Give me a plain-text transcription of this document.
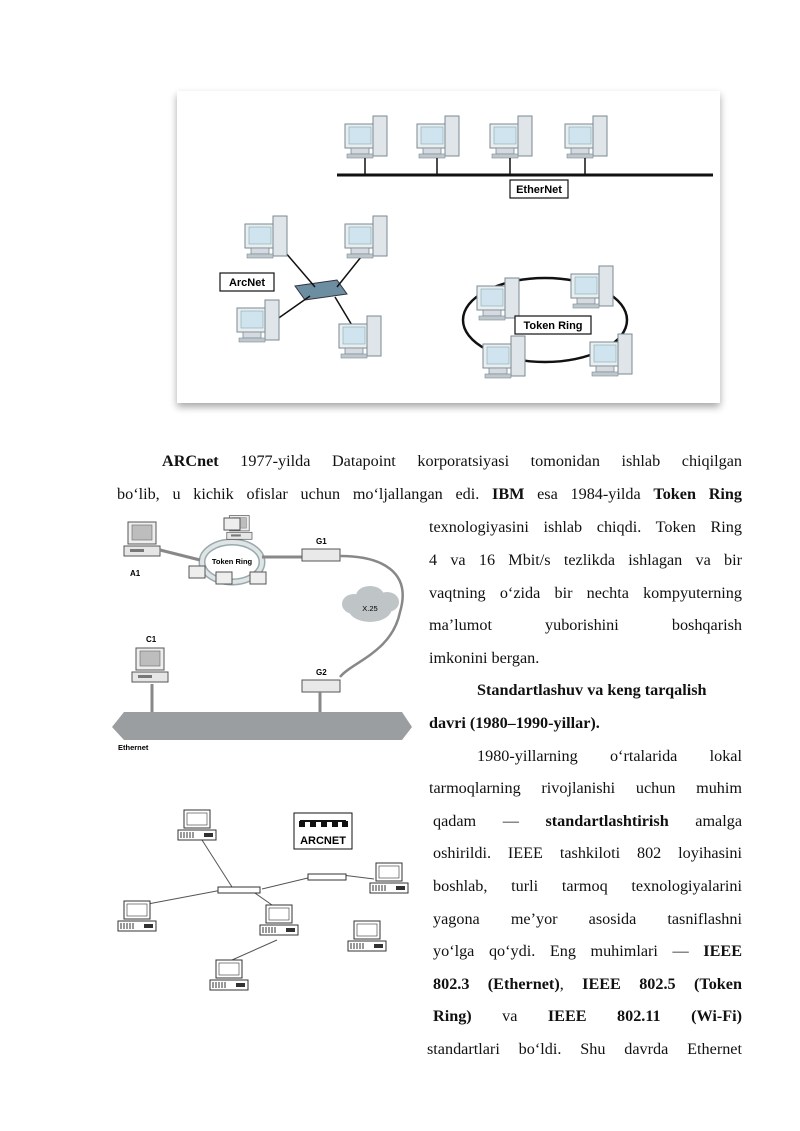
EtherNet
ArcNet
Token Ring
Token Ring
A1
G1
X.25
G2
C1
Ethernet
ARCNET
ARCnet 1977-yilda Datapoint korporatsiyasi tomonidan ishlab chiqilgan
bo‘lib, u kichik ofislar uchun mo‘ljallangan edi. IBM esa 1984-yilda Token Ring
texnologiyasini ishlab chiqdi. Token Ring
4 va 16 Mbit/s tezlikda ishlagan va bir
vaqtning o‘zida bir nechta kompyuterning
ma’lumot yuborishini boshqarish
imkonini bergan.
Standartlashuv va keng tarqalish
davri (1980–1990-yillar).
1980-yillarning o‘rtalarida lokal
tarmoqlarning rivojlanishi uchun muhim
qadam — standartlashtirish amalga
oshirildi. IEEE tashkiloti 802 loyihasini
boshlab, turli tarmoq texnologiyalarini
yagona me’yor asosida tasniflashni
yo‘lga qo‘ydi. Eng muhimlari — IEEE
802.3 (Ethernet), IEEE 802.5 (Token
Ring) va IEEE 802.11 (Wi-Fi)
standartlari bo‘ldi. Shu davrda Ethernet
